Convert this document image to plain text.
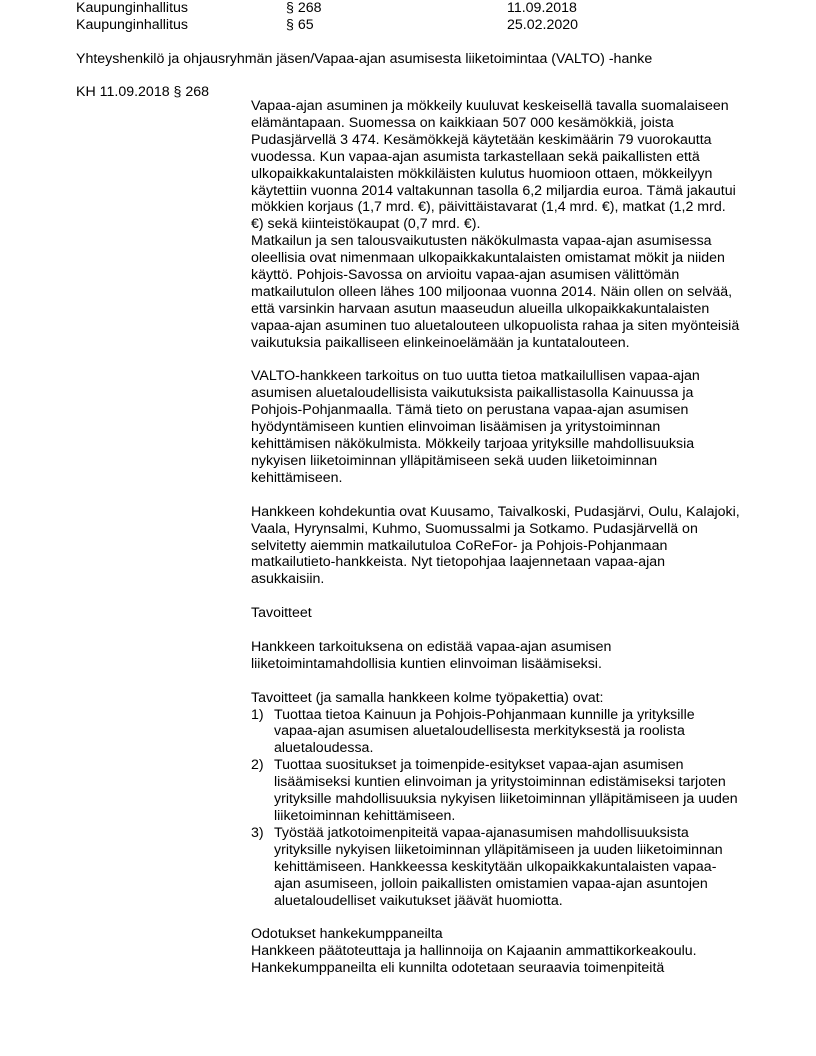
Kaupunginhallitus	§ 268	11.09.2018
Kaupunginhallitus	§ 65	25.02.2020
Yhteyshenkilö ja ohjausryhmän jäsen/Vapaa-ajan asumisesta liiketoimintaa (VALTO) -hanke
KH 11.09.2018 § 268

Vapaa-ajan asuminen ja mökkeily kuuluvat keskeisellä tavalla suomalaiseen elämäntapaan. Suomessa on kaikkiaan 507 000 kesämökkiä, joista Pudasjärvellä 3 474. Kesämökkejä käytetään keskimäärin 79 vuorokautta vuodessa. Kun vapaa-ajan asumista tarkastellaan sekä paikallisten että ulkopaikkakuntalaisten mökkiläisten kulutus huomioon ottaen, mökkeilyyn käytettiin vuonna 2014 valtakunnan tasolla 6,2 miljardia euroa. Tämä jakautui mökkien korjaus (1,7 mrd. €), päivittäistavarat (1,4 mrd. €), matkat (1,2 mrd. €) sekä kiinteistökaupat (0,7 mrd. €).

Matkailun ja sen talousvaikutusten näkökulmasta vapaa-ajan asumisessa oleellisia ovat nimenmaan ulkopaikkakuntalaisten omistamat mökit ja niiden käyttö. Pohjois-Savossa on arvioitu vapaa-ajan asumisen välittömän matkailutulon olleen lähes 100 miljoonaa vuonna 2014. Näin ollen on selvää, että varsinkin harvaan asutun maaseudun alueilla ulkopaikkakuntalaisten vapaa-ajan asuminen tuo aluetalouteen ulkopuolista rahaa ja siten myönteisiä vaikutuksia paikalliseen elinkeinoelämään ja kuntatalouteen.

VALTO-hankkeen tarkoitus on tuo uutta tietoa matkailullisen vapaa-ajan asumisen aluetaloudellisista vaikutuksista paikallistasolla Kainuussa ja Pohjois-Pohjanmaalla. Tämä tieto on perustana vapaa-ajan asumisen hyödyntämiseen kuntien elinvoiman lisäämisen ja yritystoiminnan kehittämisen näkökulmista. Mökkeily tarjoaa yrityksille mahdollisuuksia nykyisen liiketoiminnan ylläpitämiseen sekä uuden liiketoiminnan kehittämiseen.

Hankkeen kohdekuntia ovat Kuusamo, Taivalkoski, Pudasjärvi, Oulu, Kalajoki, Vaala, Hyrynsalmi, Kuhmo, Suomussalmi ja Sotkamo. Pudasjärvellä on selvitetty aiemmin matkailutuloa CoReFor- ja Pohjois-Pohjanmaan matkailutieto-hankkeista. Nyt tietopohjaa laajennetaan vapaa-ajan asukkaisiin.

Tavoitteet

Hankkeen tarkoituksena on edistää vapaa-ajan asumisen liiketoimintamahdollisia kuntien elinvoiman lisäämiseksi.

Tavoitteet (ja samalla hankkeen kolme työpakettia) ovat:

1) Tuottaa tietoa Kainuun ja Pohjois-Pohjanmaan kunnille ja yrityksille vapaa-ajan asumisen aluetaloudellisesta merkityksestä ja roolista aluetaloudessa.
2) Tuottaa suositukset ja toimenpide-esitykset vapaa-ajan asumisen lisäämiseksi kuntien elinvoiman ja yritystoiminnan edistämiseksi tarjoten yrityksille mahdollisuuksia nykyisen liiketoiminnan ylläpitämiseen ja uuden liiketoiminnan kehittämiseen.
3) Työstää jatkotoimenpiteitä vapaa-ajanasumisen mahdollisuuksista yrityksille nykyisen liiketoiminnan ylläpitämiseen ja uuden liiketoiminnan kehittämiseen. Hankkeessa keskitytään ulkopaikkakuntalaisten vapaa-ajan asumiseen, jolloin paikallisten omistamien vapaa-ajan asuntojen aluetaloudelliset vaikutukset jäävät huomiotta.

Odotukset hankekumppaneilta

Hankkeen päätoteuttaja ja hallinnoija on Kajaanin ammattikorkeakoulu. Hankekumppaneilta eli kunnilta odotetaan seuraavia toimenpiteitä
